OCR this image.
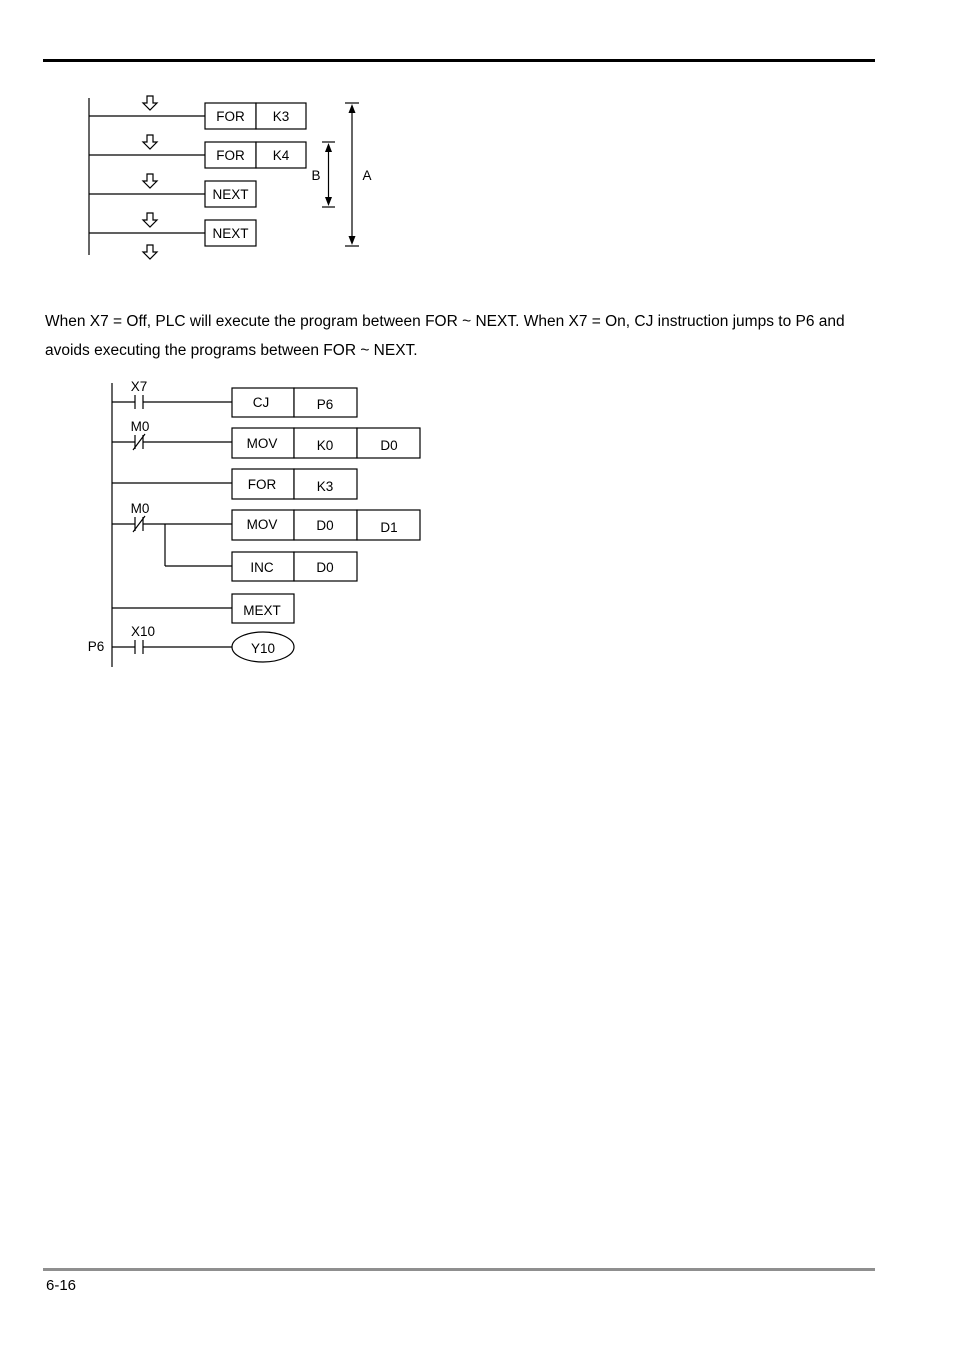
FOR K3
FOR K4
NEXT
NEXT
B	A

When X7 = Off, PLC will execute the program between FOR ~ NEXT. When X7 = On, CJ instruction jumps to P6 and avoids executing the programs between FOR ~ NEXT.

X7
CJ	P6
M0
MOV	K0	D0
FOR	K3
M0
MOV	D0	D1
INC	D0
MEXT
P6
X10
Y10
6-16
